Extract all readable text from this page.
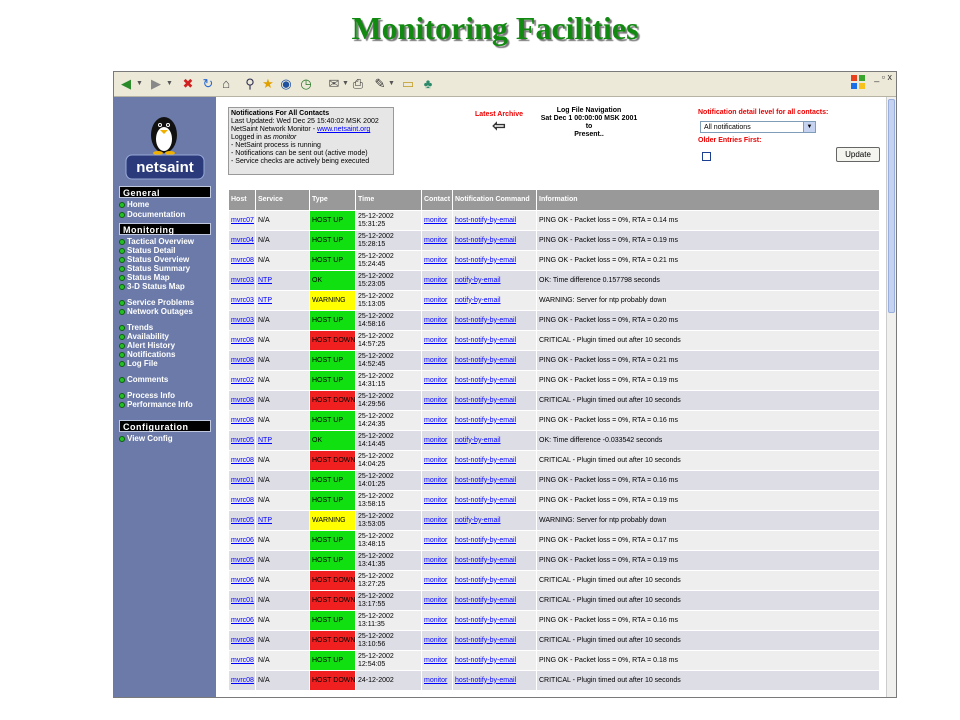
Monitoring Facilities
◀ ▼ ▶ ▼ ✖ ↻ ⌂	⚲ ★ ◉ ◷ ✉ ▼ ⎙ ✎ ▼ ▭ ♣	_ ▫ x
netsaint
General
Home
Documentation
Monitoring
Tactical Overview
Status Detail
Status Overview
Status Summary
Status Map
3-D Status Map
Service Problems
Network Outages
Trends
Availability
Alert History
Notifications
Log File
Comments
Process Info
Performance Info
Configuration
View Config
Notifications For All Contacts
Last Updated: Wed Dec 25 15:40:02 MSK 2002
NetSaint Network Monitor - www.netsaint.org
Logged in as monitor
- NetSaint process is running
- Notifications can be sent out (active mode)
- Service checks are actively being executed
Latest Archive
⇦
Log File Navigation
Sat Dec 1 00:00:00 MSK 2001
to
Present..
Notification detail level for all contacts:
All notifications	▼
Older Entries First:
Update
Host	Service	Type	Time	Contact	Notification Command	Information
mvrc07	N/A	HOST UP	25-12-2002
15:31:25	monitor	host-notify-by-email	PING OK - Packet loss = 0%, RTA = 0.14 ms
mvrc04	N/A	HOST UP	25-12-2002
15:28:15	monitor	host-notify-by-email	PING OK - Packet loss = 0%, RTA = 0.19 ms
mvrc08	N/A	HOST UP	25-12-2002
15:24:45	monitor	host-notify-by-email	PING OK - Packet loss = 0%, RTA = 0.21 ms
mvrc03	NTP	OK	25-12-2002
15:23:05	monitor	notify-by-email	OK: Time difference 0.157798 seconds
mvrc03	NTP	WARNING	25-12-2002
15:13:05	monitor	notify-by-email	WARNING: Server for ntp probably down
mvrc03	N/A	HOST UP	25-12-2002
14:58:16	monitor	host-notify-by-email	PING OK - Packet loss = 0%, RTA = 0.20 ms
mvrc08	N/A	HOST DOWN	25-12-2002
14:57:25	monitor	host-notify-by-email	CRITICAL - Plugin timed out after 10 seconds
mvrc08	N/A	HOST UP	25-12-2002
14:52:45	monitor	host-notify-by-email	PING OK - Packet loss = 0%, RTA = 0.21 ms
mvrc02	N/A	HOST UP	25-12-2002
14:31:15	monitor	host-notify-by-email	PING OK - Packet loss = 0%, RTA = 0.19 ms
mvrc08	N/A	HOST DOWN	25-12-2002
14:29:56	monitor	host-notify-by-email	CRITICAL - Plugin timed out after 10 seconds
mvrc08	N/A	HOST UP	25-12-2002
14:24:35	monitor	host-notify-by-email	PING OK - Packet loss = 0%, RTA = 0.16 ms
mvrc05	NTP	OK	25-12-2002
14:14:45	monitor	notify-by-email	OK: Time difference -0.033542 seconds
mvrc08	N/A	HOST DOWN	25-12-2002
14:04:25	monitor	host-notify-by-email	CRITICAL - Plugin timed out after 10 seconds
mvrc01	N/A	HOST UP	25-12-2002
14:01:25	monitor	host-notify-by-email	PING OK - Packet loss = 0%, RTA = 0.16 ms
mvrc08	N/A	HOST UP	25-12-2002
13:58:15	monitor	host-notify-by-email	PING OK - Packet loss = 0%, RTA = 0.19 ms
mvrc05	NTP	WARNING	25-12-2002
13:53:05	monitor	notify-by-email	WARNING: Server for ntp probably down
mvrc06	N/A	HOST UP	25-12-2002
13:48:15	monitor	host-notify-by-email	PING OK - Packet loss = 0%, RTA = 0.17 ms
mvrc05	N/A	HOST UP	25-12-2002
13:41:35	monitor	host-notify-by-email	PING OK - Packet loss = 0%, RTA = 0.19 ms
mvrc06	N/A	HOST DOWN	25-12-2002
13:27:25	monitor	host-notify-by-email	CRITICAL - Plugin timed out after 10 seconds
mvrc01	N/A	HOST DOWN	25-12-2002
13:17:55	monitor	host-notify-by-email	CRITICAL - Plugin timed out after 10 seconds
mvrc06	N/A	HOST UP	25-12-2002
13:11:35	monitor	host-notify-by-email	PING OK - Packet loss = 0%, RTA = 0.16 ms
mvrc08	N/A	HOST DOWN	25-12-2002
13:10:56	monitor	host-notify-by-email	CRITICAL - Plugin timed out after 10 seconds
mvrc08	N/A	HOST UP	25-12-2002
12:54:05	monitor	host-notify-by-email	PING OK - Packet loss = 0%, RTA = 0.18 ms
mvrc08	N/A	HOST DOWN	24-12-2002	monitor	host-notify-by-email	CRITICAL - Plugin timed out after 10 seconds
